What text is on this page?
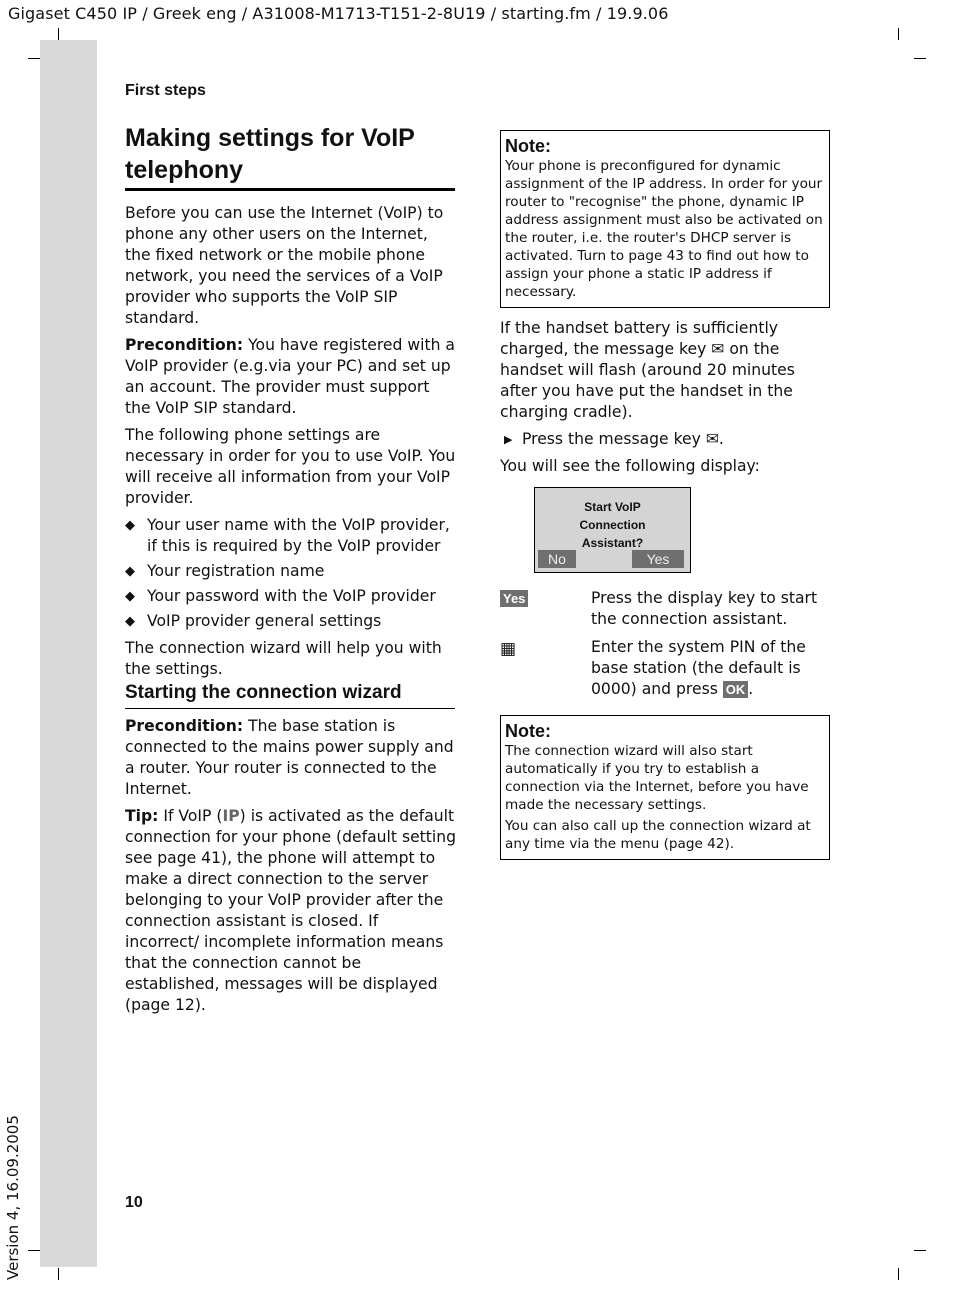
Gigaset C450 IP / Greek eng / A31008-M1713-T151-2-8U19 / starting.fm / 19.9.06
Version 4, 16.09.2005
First steps
Making settings for VoIP telephony

Before you can use the Internet (VoIP) to phone any other users on the Internet, the fixed network or the mobile phone network, you need the services of a VoIP provider who supports the VoIP SIP standard.

Precondition: You have registered with a VoIP provider (e.g.via your PC) and set up an account. The provider must support the VoIP SIP standard.

The following phone settings are necessary in order for you to use VoIP. You will receive all information from your VoIP provider.

◆ Your user name with the VoIP provider, if this is required by the VoIP provider
◆ Your registration name
◆ Your password with the VoIP provider
◆ VoIP provider general settings

The connection wizard will help you with the settings.

Starting the connection wizard

Precondition: The base station is connected to the mains power supply and a router. Your router is connected to the Internet.

Tip: If VoIP (IP) is activated as the default connection for your phone (default setting see page 41), the phone will attempt to make a direct connection to the server belonging to your VoIP provider after the connection assistant is closed. If incorrect/ incomplete information means that the connection cannot be established, messages will be displayed (page 12).

Note:

Your phone is preconfigured for dynamic assignment of the IP address. In order for your router to "recognise" the phone, dynamic IP address assignment must also be activated on the router, i.e. the router's DHCP server is activated. Turn to page 43 to find out how to assign your phone a static IP address if necessary.

If the handset battery is sufficiently charged, the message key ✉ on the handset will flash (around 20 minutes after you have put the handset in the charging cradle).

▶ Press the message key ✉.

You will see the following display:

Start VoIP
Connection
Assistant?
No	Yes
Yes	Press the display key to start the connection assistant.
▦	Enter the system PIN of the base station (the default is 0000) and press OK .
Note:

The connection wizard will also start automatically if you try to establish a connection via the Internet, before you have made the necessary settings.

You can also call up the connection wizard at any time via the menu (page 42).

10
